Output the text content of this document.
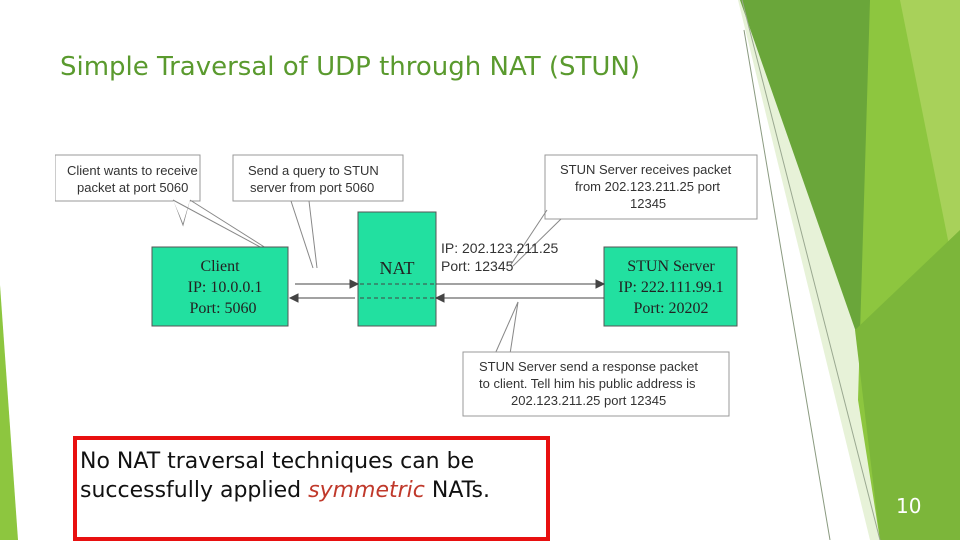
Simple Traversal of UDP through NAT (STUN)
Client wants to receive
packet at port 5060
Send a query to STUN
server from port 5060
STUN Server receives packet
from 202.123.211.25 port
12345
Client
IP: 10.0.0.1
Port: 5060
NAT
IP: 202.123.211.25
Port: 12345	STUN Server
IP: 222.111.99.1
Port: 20202
STUN Server send a response packet
to client. Tell him his public address is
202.123.211.25 port 12345
No NAT traversal techniques can be successfully applied symmetric NATs.
10
